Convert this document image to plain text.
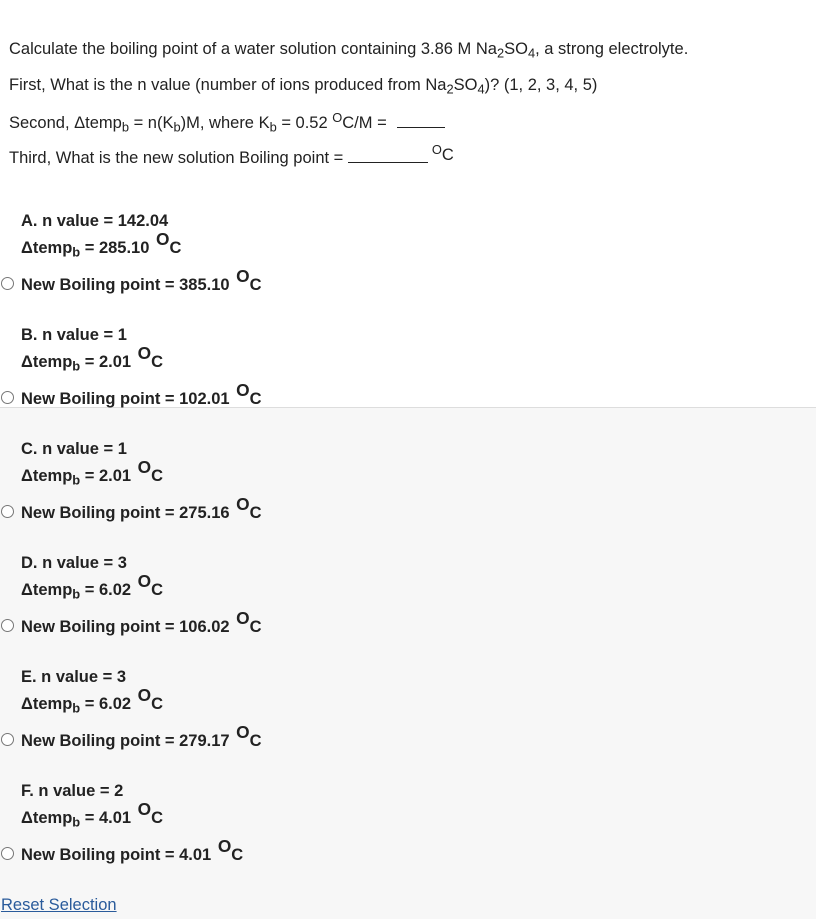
Calculate the boiling point of a water solution containing 3.86 M $Na_2SO_4$, a strong electrolyte.
First, What is the n value (number of ions produced from $Na_2SO_4$)? (1, 2, 3, 4, 5)
Second, Δtemp$_b$ = $n(K_b)M$, where $K_b = 0.52$ $^O$C/M =
Third, What is the new solution Boiling point =	$^O$C
A. n value = 142.04
Δtemp$_b$ = 285.10 OC
New Boiling point = 385.10 OC
B. n value = 1
Δtemp$_b$ = 2.01 OC
New Boiling point = 102.01 OC
C. n value = 1
Δtemp$_b$ = 2.01 OC
New Boiling point = 275.16 OC
D. n value = 3
Δtemp$_b$ = 6.02 OC
New Boiling point = 106.02 OC
E. n value = 3
Δtemp$_b$ = 6.02 OC
New Boiling point = 279.17 OC
F. n value = 2
Δtemp$_b$ = 4.01 OC
New Boiling point = 4.01 OC
Reset Selection
